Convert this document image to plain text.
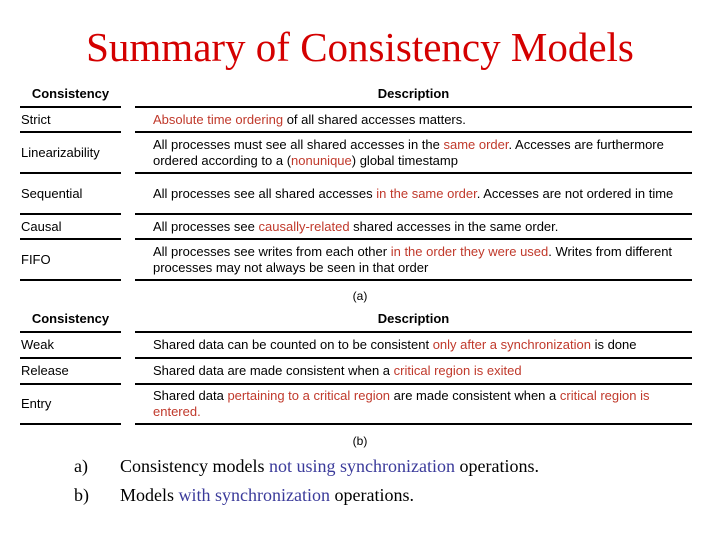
Summary of Consistency Models
Consistency		Description
Strict		Absolute time ordering of all shared accesses matters.
Linearizability		All processes must see all shared accesses in the same order. Accesses are furthermore ordered according to a (nonunique) global timestamp
Sequential		All processes see all shared accesses in the same order. Accesses are not ordered in time
Causal		All processes see causally-related shared accesses in the same order.
FIFO		All processes see writes from each other in the order they were used. Writes from different processes may not always be seen in that order
(a)
Consistency		Description
Weak		Shared data can be counted on to be consistent only after a synchronization is done
Release		Shared data are made consistent when a critical region is exited
Entry		Shared data pertaining to a critical region are made consistent when a critical region is entered.
(b)
a) Consistency models not using synchronization operations.
b) Models with synchronization operations.
